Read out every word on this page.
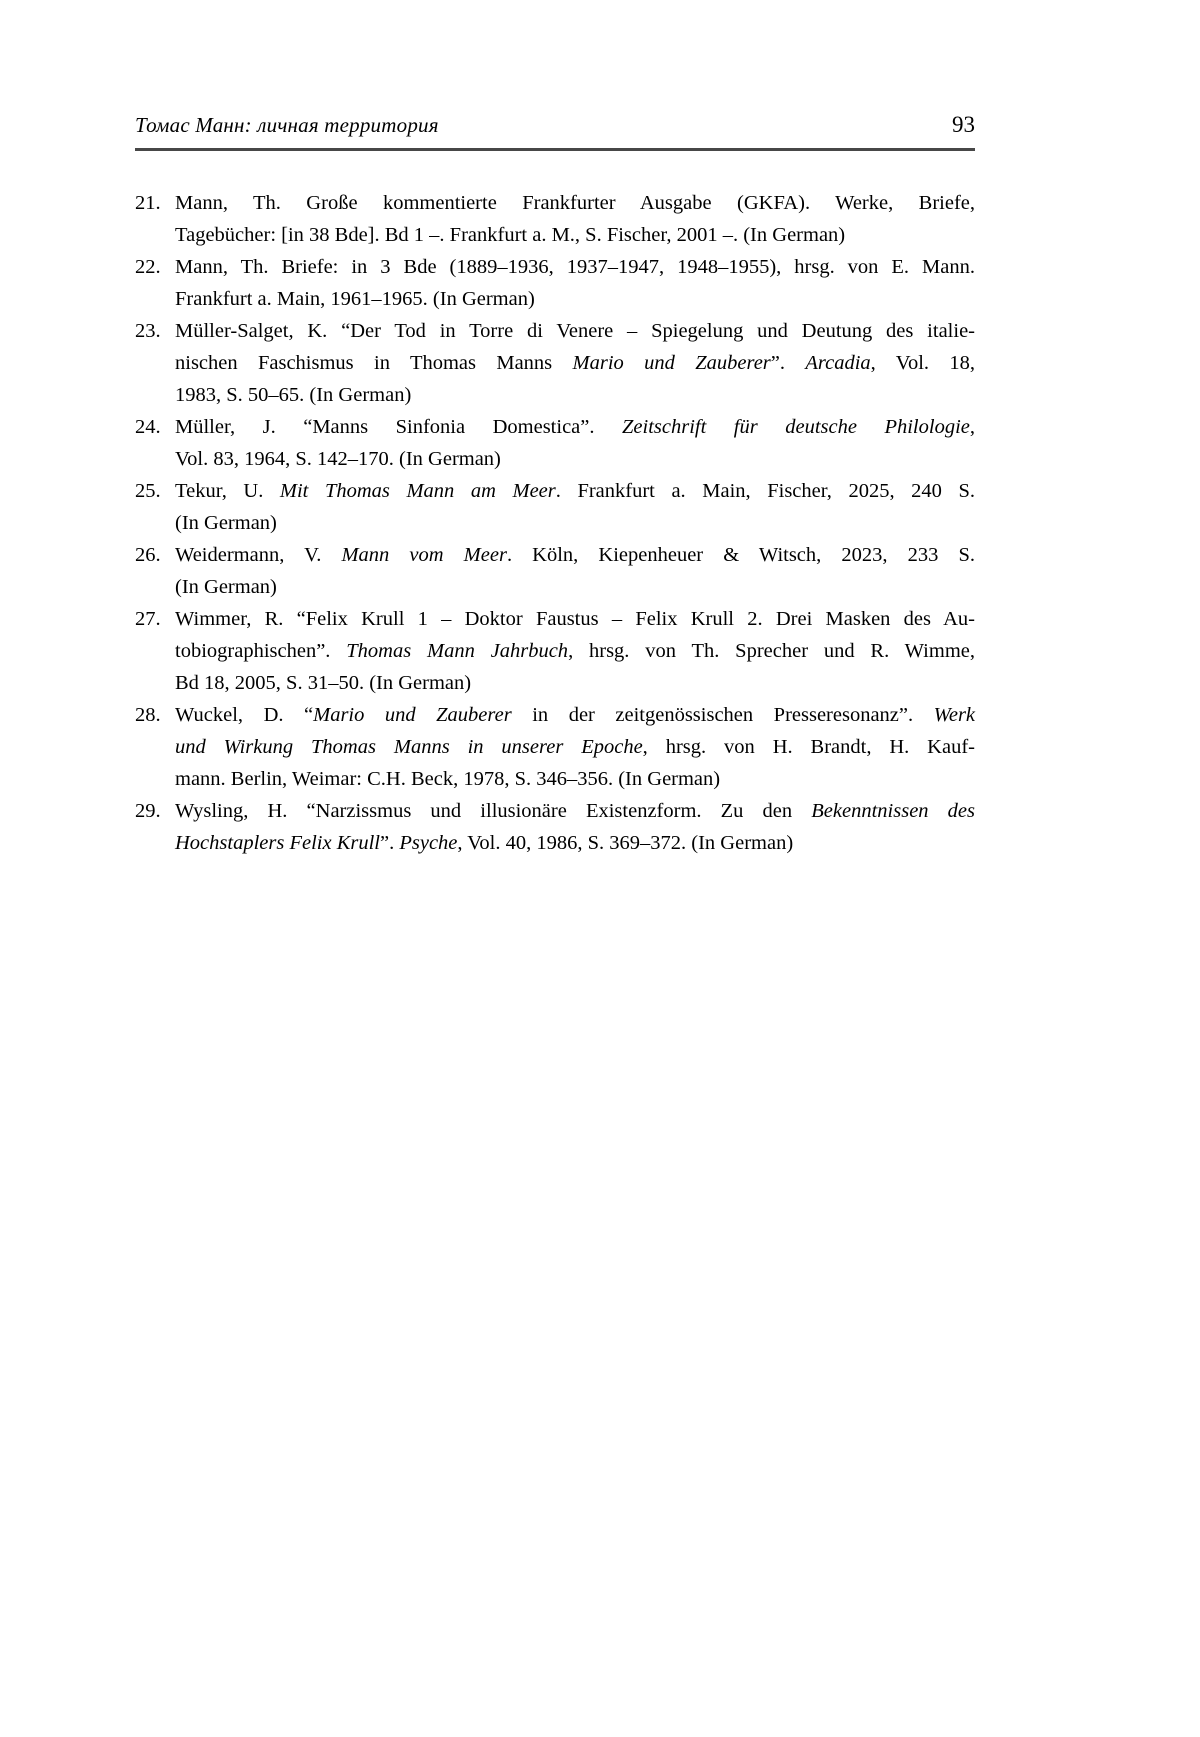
Томас Манн: личная территория	93
21. Mann, Th. Große kommentierte Frankfurter Ausgabe (GKFA). Werke, Briefe,
Tagebücher: [in 38 Bde]. Bd 1 –. Frankfurt a. M., S. Fischer, 2001 –. (In German)
22. Mann, Th. Briefe: in 3 Bde (1889–1936, 1937–1947, 1948–1955), hrsg. von E. Mann.
Frankfurt a. Main, 1961–1965. (In German)
23. Müller-Salget, K. “Der Tod in Torre di Venere – Spiegelung und Deutung des italie-
nischen Faschismus in Thomas Manns Mario und Zauberer”. Arcadia, Vol. 18,
1983, S. 50–65. (In German)
24. Müller, J. “Manns Sinfonia Domestica”. Zeitschrift für deutsche Philologie,
Vol. 83, 1964, S. 142–170. (In German)
25. Tekur, U. Mit Thomas Mann am Meer. Frankfurt a. Main, Fischer, 2025, 240 S.
(In German)
26. Weidermann, V. Mann vom Meer. Köln, Kiepenheuer & Witsch, 2023, 233 S.
(In German)
27. Wimmer, R. “Felix Krull 1 – Doktor Faustus – Felix Krull 2. Drei Masken des Au-
tobiographischen”. Thomas Mann Jahrbuch, hrsg. von Th. Sprecher und R. Wimme,
Bd 18, 2005, S. 31–50. (In German)
28. Wuckel, D. “Mario und Zauberer in der zeitgenössischen Presseresonanz”. Werk
und Wirkung Thomas Manns in unserer Epoche, hrsg. von H. Brandt, H. Kauf-
mann. Berlin, Weimar: C.H. Beck, 1978, S. 346–356. (In German)
29. Wysling, H. “Narzissmus und illusionäre Existenzform. Zu den Bekenntnissen des
Hochstaplers Felix Krull”. Psyche, Vol. 40, 1986, S. 369–372. (In German)
